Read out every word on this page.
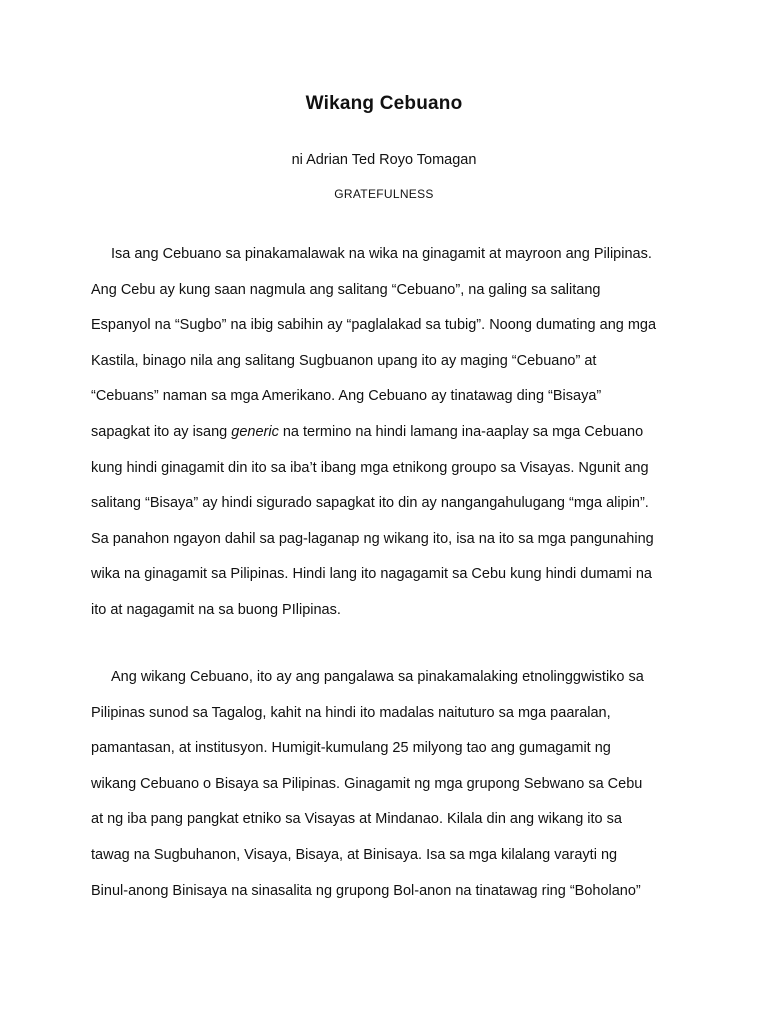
Wikang Cebuano

ni Adrian Ted Royo Tomagan

GRATEFULNESS

Isa ang Cebuano sa pinakamalawak na wika na ginagamit at mayroon ang Pilipinas.
Ang Cebu ay kung saan nagmula ang salitang “Cebuano”, na galing sa salitang
Espanyol na “Sugbo” na ibig sabihin ay “paglalakad sa tubig”. Noong dumating ang mga
Kastila, binago nila ang salitang Sugbuanon upang ito ay maging “Cebuano” at
“Cebuans” naman sa mga Amerikano. Ang Cebuano ay tinatawag ding “Bisaya”
sapagkat ito ay isang generic na termino na hindi lamang ina-aaplay sa mga Cebuano
kung hindi ginagamit din ito sa iba’t ibang mga etnikong groupo sa Visayas. Ngunit ang
salitang “Bisaya” ay hindi sigurado sapagkat ito din ay nangangahulugang “mga alipin”.
Sa panahon ngayon dahil sa pag-laganap ng wikang ito, isa na ito sa mga pangunahing
wika na ginagamit sa Pilipinas. Hindi lang ito nagagamit sa Cebu kung hindi dumami na
ito at nagagamit na sa buong PIlipinas.
Ang wikang Cebuano, ito ay ang pangalawa sa pinakamalaking etnolinggwistiko sa
Pilipinas sunod sa Tagalog, kahit na hindi ito madalas naituturo sa mga paaralan,
pamantasan, at institusyon. Humigit-kumulang 25 milyong tao ang gumagamit ng
wikang Cebuano o Bisaya sa Pilipinas. Ginagamit ng mga grupong Sebwano sa Cebu
at ng iba pang pangkat etniko sa Visayas at Mindanao. Kilala din ang wikang ito sa
tawag na Sugbuhanon, Visaya, Bisaya, at Binisaya. Isa sa mga kilalang varayti ng
Binul-anong Binisaya na sinasalita ng grupong Bol-anon na tinatawag ring “Boholano”
